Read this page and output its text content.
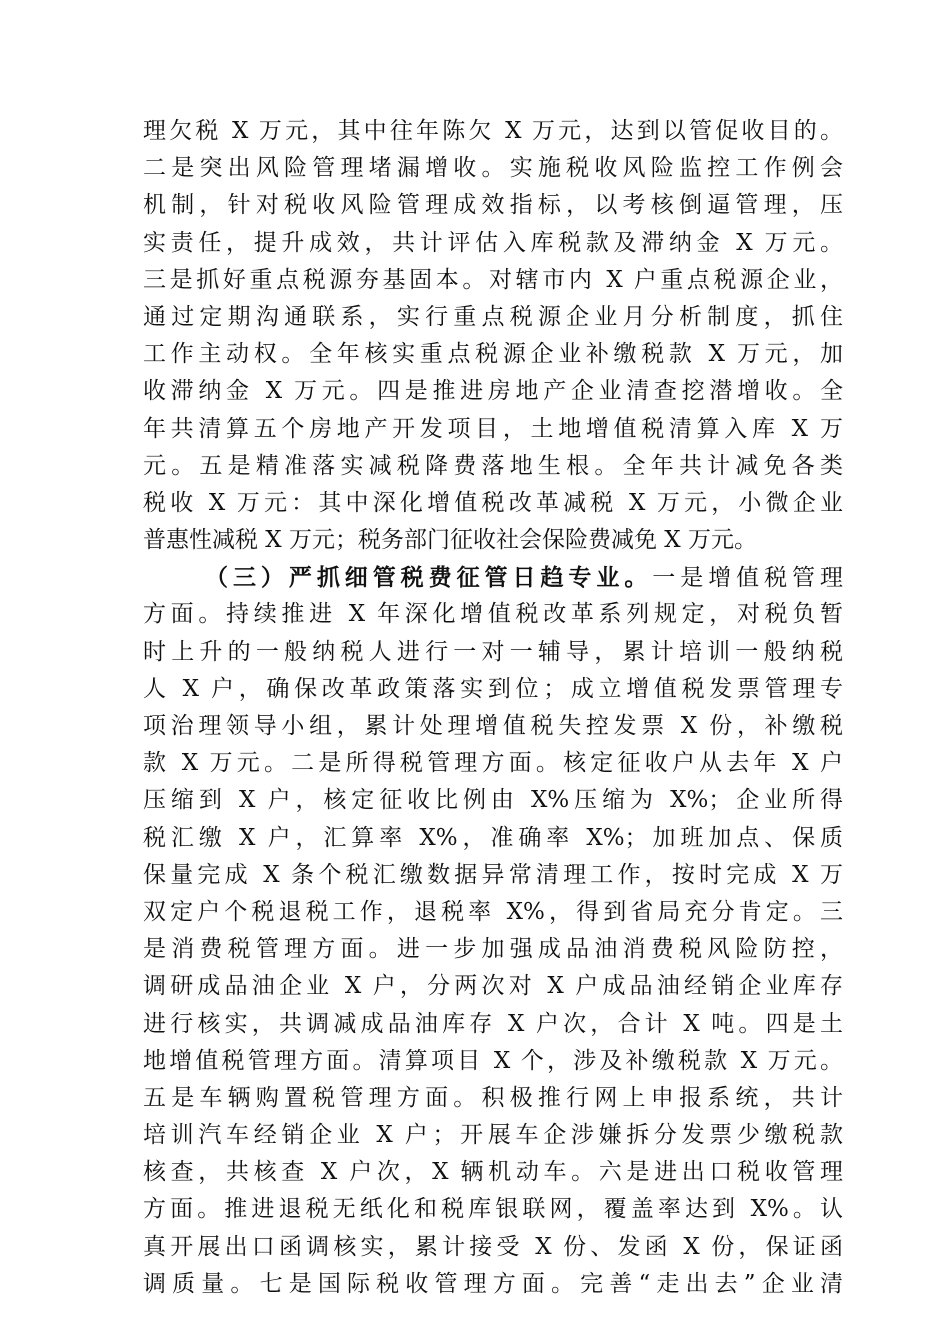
理欠税 X 万元，其中往年陈欠 X 万元，达到以管促收目的。
二是突出风险管理堵漏增收。实施税收风险监控工作例会
机制，针对税收风险管理成效指标，以考核倒逼管理，压
实责任，提升成效，共计评估入库税款及滞纳金 X 万元。
三是抓好重点税源夯基固本。对辖市内 X 户重点税源企业，
通过定期沟通联系，实行重点税源企业月分析制度，抓住
工作主动权。全年核实重点税源企业补缴税款 X 万元，加
收滞纳金 X 万元。四是推进房地产企业清查挖潜增收。全
年共清算五个房地产开发项目，土地增值税清算入库 X 万
元。五是精准落实减税降费落地生根。全年共计减免各类
税收 X 万元：其中深化增值税改革减税 X 万元，小微企业
普惠性减税 X 万元；税务部门征收社会保险费减免 X 万元。
（三）严抓细管税费征管日趋专业。一是增值税管理
方面。持续推进 X 年深化增值税改革系列规定，对税负暂
时上升的一般纳税人进行一对一辅导，累计培训一般纳税
人 X 户，确保改革政策落实到位；成立增值税发票管理专
项治理领导小组，累计处理增值税失控发票 X 份，补缴税
款 X 万元。二是所得税管理方面。核定征收户从去年 X 户
压缩到 X 户，核定征收比例由 X%压缩为 X%；企业所得
税汇缴 X 户，汇算率 X%，准确率 X%；加班加点、保质
保量完成 X 条个税汇缴数据异常清理工作，按时完成 X 万
双定户个税退税工作，退税率 X%，得到省局充分肯定。三
是消费税管理方面。进一步加强成品油消费税风险防控，
调研成品油企业 X 户，分两次对 X 户成品油经销企业库存
进行核实，共调减成品油库存 X 户次，合计 X 吨。四是土
地增值税管理方面。清算项目 X 个，涉及补缴税款 X 万元。
五是车辆购置税管理方面。积极推行网上申报系统，共计
培训汽车经销企业 X 户；开展车企涉嫌拆分发票少缴税款
核查，共核查 X 户次，X 辆机动车。六是进出口税收管理
方面。推进退税无纸化和税库银联网，覆盖率达到 X%。认
真开展出口函调核实，累计接受 X 份、发函 X 份，保证函
调质量。七是国际税收管理方面。完善“走出去”企业清
